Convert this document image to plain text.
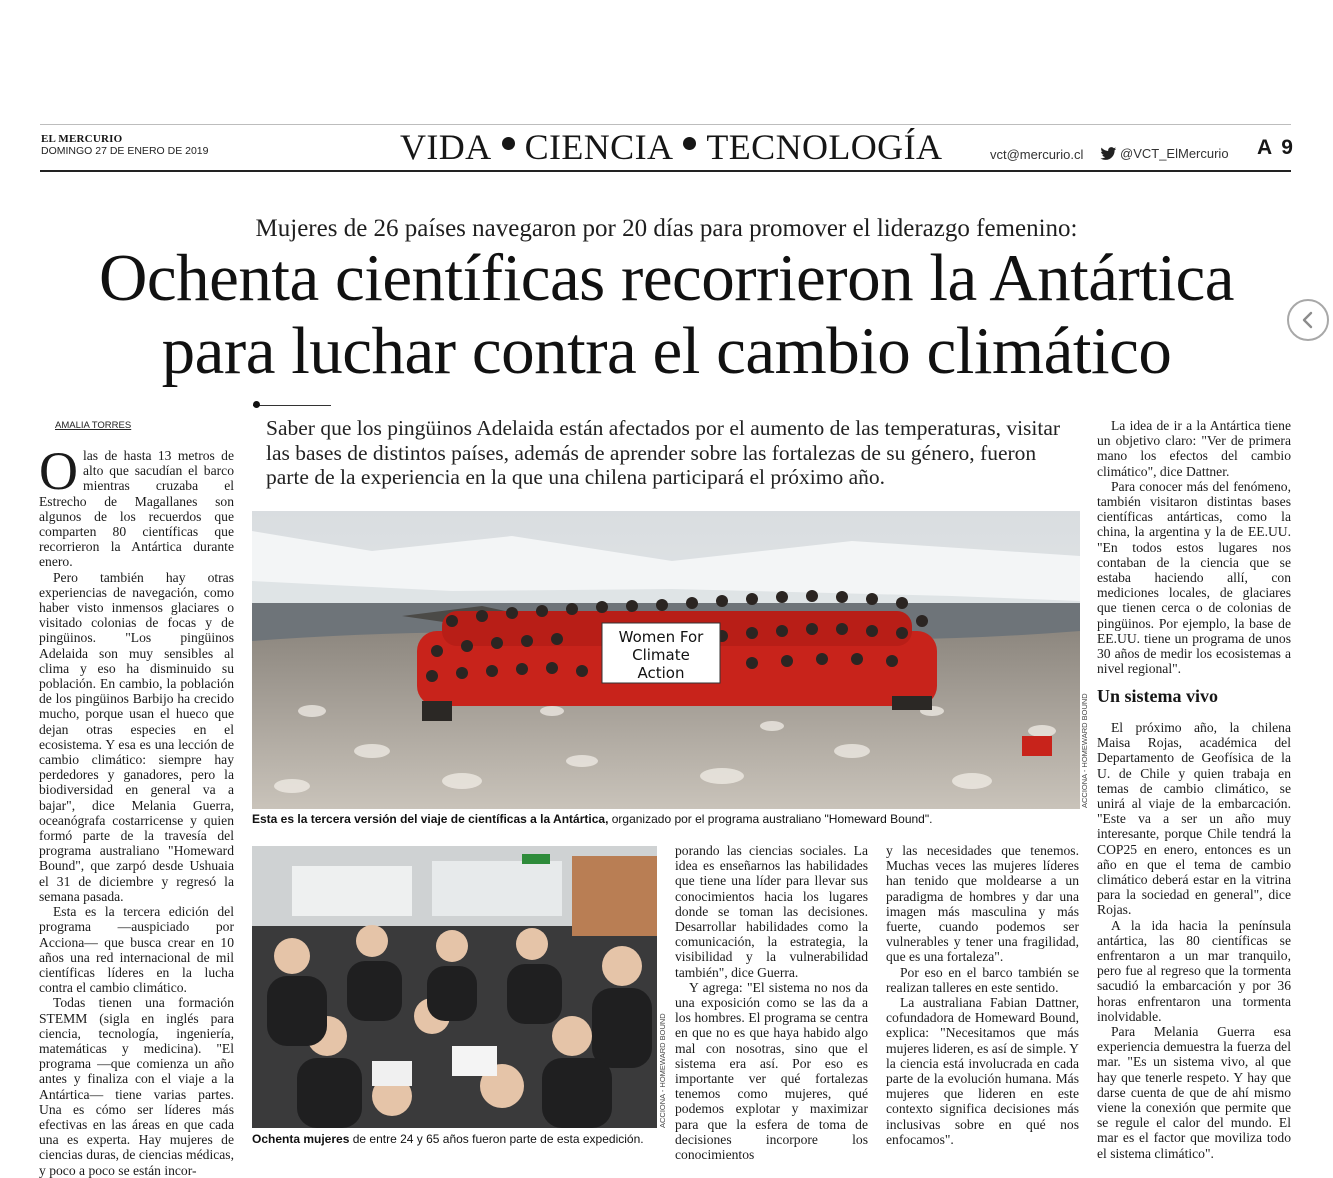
EL MERCURIO
DOMINGO 27 DE ENERO DE 2019	VIDA CIENCIA TECNOLOGÍA	vct@mercurio.cl	@VCT_ElMercurio A 9
Mujeres de 26 países navegaron por 20 días para promover el liderazgo femenino:
Ochenta científicas recorrieron la Antártica
para luchar contra el cambio climático
Saber que los pingüinos Adelaida están afectados por el aumento de las temperaturas, visitar las bases de distintos países, además de aprender sobre las fortalezas de su género, fueron parte de la experiencia en la que una chilena participará el próximo año.
AMALIA TORRES

Olas de hasta 13 metros de alto que sacudían el barco mientras cruzaba el Estrecho de Magallanes son algunos de los recuerdos que comparten 80 científicas que recorrieron la Antártica durante enero.

Pero también hay otras experiencias de navegación, como haber visto inmensos glaciares o visitado colonias de focas y de pingüinos. "Los pingüinos Adelaida son muy sensibles al clima y eso ha disminuido su población. En cambio, la población de los pingüinos Barbijo ha crecido mucho, porque usan el hueco que dejan otras especies en el ecosistema. Y esa es una lección de cambio climático: siempre hay perdedores y ganadores, pero la biodiversidad en general va a bajar", dice Melania Guerra, oceanógrafa costarricense y quien formó parte de la travesía del programa australiano "Homeward Bound", que zarpó desde Ushuaia el 31 de diciembre y regresó la semana pasada.

Esta es la tercera edición del programa —auspiciado por Acciona— que busca crear en 10 años una red internacional de mil científicas líderes en la lucha contra el cambio climático.

Todas tienen una formación STEMM (sigla en inglés para ciencia, tecnología, ingeniería, matemáticas y medicina). "El programa —que comienza un año antes y finaliza con el viaje a la Antártica— tiene varias partes. Una es cómo ser líderes más efectivas en las áreas en que cada una es experta. Hay mujeres de ciencias duras, de ciencias médicas, y poco a poco se están incor-

Women For
Climate
Action
ACCIONA - HOMEWARD BOUND
Esta es la tercera versión del viaje de científicas a la Antártica, organizado por el programa australiano "Homeward Bound".
ACCIONA - HOMEWARD BOUND
Ochenta mujeres de entre 24 y 65 años fueron parte de esta expedición.

porando las ciencias sociales. La idea es enseñarnos las habilidades que tiene una líder para llevar sus conocimientos hacia los lugares donde se toman las decisiones. Desarrollar habilidades como la comunicación, la estrategia, la visibilidad y la vulnerabilidad también", dice Guerra.

Y agrega: "El sistema no nos da una exposición como se las da a los hombres. El programa se centra en que no es que haya habido algo mal con nosotras, sino que el sistema era así. Por eso es importante ver qué fortalezas tenemos como mujeres, qué podemos explotar y maximizar para que la esfera de toma de decisiones incorpore los conocimientos

y las necesidades que tenemos. Muchas veces las mujeres líderes han tenido que moldearse a un paradigma de hombres y dar una imagen más masculina y más fuerte, cuando podemos ser vulnerables y tener una fragilidad, que es una fortaleza".

Por eso en el barco también se realizan talleres en este sentido.

La australiana Fabian Dattner, cofundadora de Homeward Bound, explica: "Necesitamos que más mujeres lideren, es así de simple. Y la ciencia está involucrada en cada parte de la evolución humana. Más mujeres que lideren en este contexto significa decisiones más inclusivas sobre en qué nos enfocamos".

La idea de ir a la Antártica tiene un objetivo claro: "Ver de primera mano los efectos del cambio climático", dice Dattner.

Para conocer más del fenómeno, también visitaron distintas bases científicas antárticas, como la china, la argentina y la de EE.UU. "En todos estos lugares nos contaban de la ciencia que se estaba haciendo allí, con mediciones locales, de glaciares que tienen cerca o de colonias de pingüinos. Por ejemplo, la base de EE.UU. tiene un programa de unos 30 años de medir los ecosistemas a nivel regional".

Un sistema vivo

El próximo año, la chilena Maisa Rojas, académica del Departamento de Geofísica de la U. de Chile y quien trabaja en temas de cambio climático, se unirá al viaje de la embarcación. "Este va a ser un año muy interesante, porque Chile tendrá la COP25 en enero, entonces es un año en que el tema de cambio climático deberá estar en la vitrina para la sociedad en general", dice Rojas.

A la ida hacia la península antártica, las 80 científicas se enfrentaron a un mar tranquilo, pero fue al regreso que la tormenta sacudió la embarcación y por 36 horas enfrentaron una tormenta inolvidable.

Para Melania Guerra esa experiencia demuestra la fuerza del mar. "Es un sistema vivo, al que hay que tenerle respeto. Y hay que darse cuenta de que de ahí mismo viene la conexión que permite que se regule el calor del mundo. El mar es el factor que moviliza todo el sistema climático".
